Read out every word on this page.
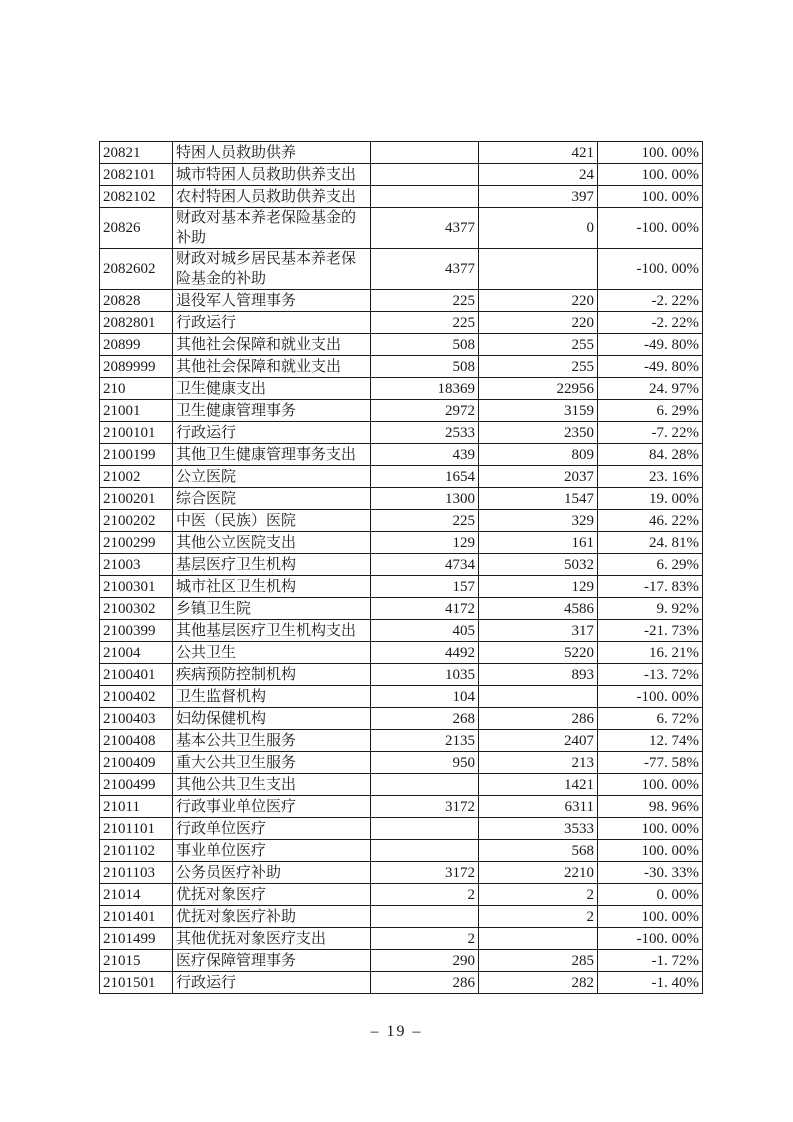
20821	特困人员救助供养		421	100. 00%
2082101	城市特困人员救助供养支出		24	100. 00%
2082102	农村特困人员救助供养支出		397	100. 00%
20826	财政对基本养老保险基金的补助	4377	0	-100. 00%
2082602	财政对城乡居民基本养老保险基金的补助	4377		-100. 00%
20828	退役军人管理事务	225	220	-2. 22%
2082801	行政运行	225	220	-2. 22%
20899	其他社会保障和就业支出	508	255	-49. 80%
2089999	其他社会保障和就业支出	508	255	-49. 80%
210	卫生健康支出	18369	22956	24. 97%
21001	卫生健康管理事务	2972	3159	6. 29%
2100101	行政运行	2533	2350	-7. 22%
2100199	其他卫生健康管理事务支出	439	809	84. 28%
21002	公立医院	1654	2037	23. 16%
2100201	综合医院	1300	1547	19. 00%
2100202	中医（民族）医院	225	329	46. 22%
2100299	其他公立医院支出	129	161	24. 81%
21003	基层医疗卫生机构	4734	5032	6. 29%
2100301	城市社区卫生机构	157	129	-17. 83%
2100302	乡镇卫生院	4172	4586	9. 92%
2100399	其他基层医疗卫生机构支出	405	317	-21. 73%
21004	公共卫生	4492	5220	16. 21%
2100401	疾病预防控制机构	1035	893	-13. 72%
2100402	卫生监督机构	104		-100. 00%
2100403	妇幼保健机构	268	286	6. 72%
2100408	基本公共卫生服务	2135	2407	12. 74%
2100409	重大公共卫生服务	950	213	-77. 58%
2100499	其他公共卫生支出		1421	100. 00%
21011	行政事业单位医疗	3172	6311	98. 96%
2101101	行政单位医疗		3533	100. 00%
2101102	事业单位医疗		568	100. 00%
2101103	公务员医疗补助	3172	2210	-30. 33%
21014	优抚对象医疗	2	2	0. 00%
2101401	优抚对象医疗补助		2	100. 00%
2101499	其他优抚对象医疗支出	2		-100. 00%
21015	医疗保障管理事务	290	285	-1. 72%
2101501	行政运行	286	282	-1. 40%
– 19 –
